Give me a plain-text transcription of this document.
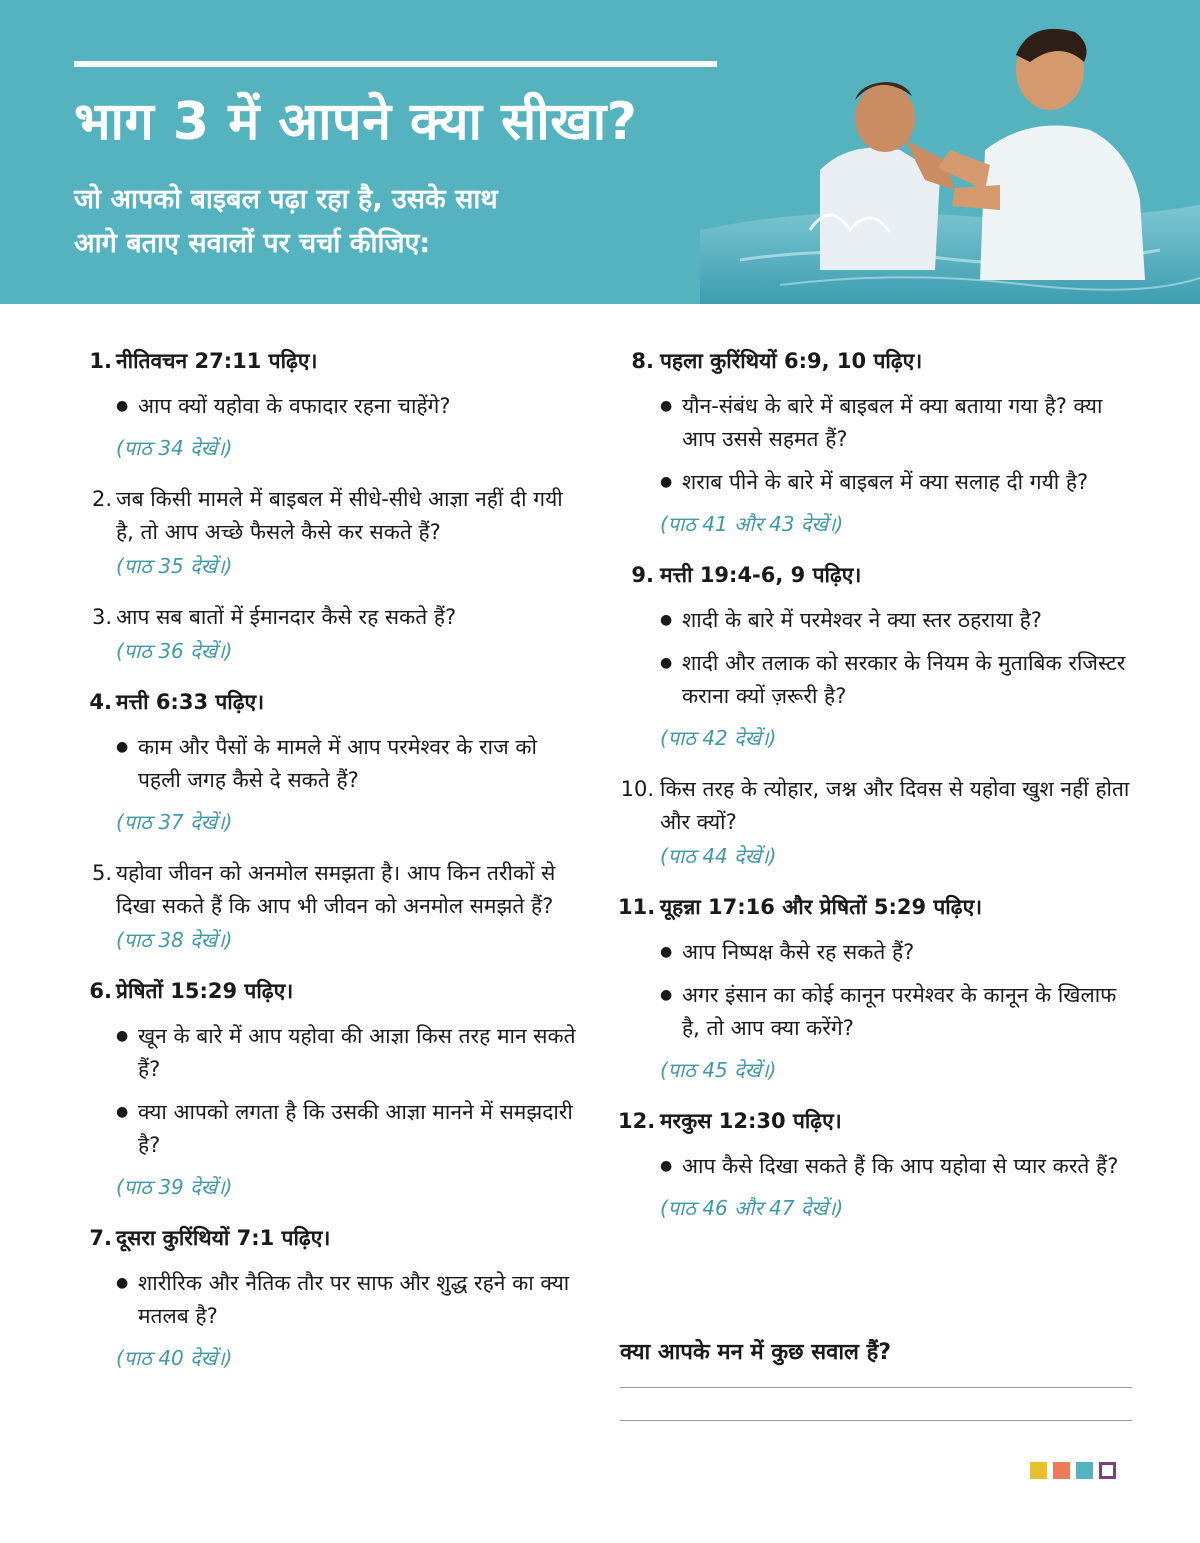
भाग 3 में आपने क्या सीखा?
जो आपको बाइबल पढ़ा रहा है, उसके साथ
आगे बताए सवालों पर चर्चा कीजिए:
1. नीतिवचन 27:11 पढ़िए।
● आप क्यों यहोवा के वफादार रहना चाहेंगे?
(पाठ 34 देखें।)
2. जब किसी मामले में बाइबल में सीधे-सीधे आज्ञा नहीं दी गयी है, तो आप अच्छे फैसले कैसे कर सकते हैं?
(पाठ 35 देखें।)
3. आप सब बातों में ईमानदार कैसे रह सकते हैं?
(पाठ 36 देखें।)
4. मत्ती 6:33 पढ़िए।
● काम और पैसों के मामले में आप परमेश्वर के राज को पहली जगह कैसे दे सकते हैं?
(पाठ 37 देखें।)
5. यहोवा जीवन को अनमोल समझता है। आप किन तरीकों से दिखा सकते हैं कि आप भी जीवन को अनमोल समझते हैं?
(पाठ 38 देखें।)
6. प्रेषितों 15:29 पढ़िए।
● खून के बारे में आप यहोवा की आज्ञा किस तरह मान सकते हैं?
● क्या आपको लगता है कि उसकी आज्ञा मानने में समझदारी है?
(पाठ 39 देखें।)
7. दूसरा कुरिंथियों 7:1 पढ़िए।
● शारीरिक और नैतिक तौर पर साफ और शुद्ध रहने का क्या मतलब है?
(पाठ 40 देखें।)
8. पहला कुरिंथियों 6:9, 10 पढ़िए।
● यौन-संबंध के बारे में बाइबल में क्या बताया गया है? क्या आप उससे सहमत हैं?
● शराब पीने के बारे में बाइबल में क्या सलाह दी गयी है?
(पाठ 41 और 43 देखें।)
9. मत्ती 19:4-6, 9 पढ़िए।
● शादी के बारे में परमेश्वर ने क्या स्तर ठहराया है?
● शादी और तलाक को सरकार के नियम के मुताबिक रजिस्टर कराना क्यों ज़रूरी है?
(पाठ 42 देखें।)
10. किस तरह के त्योहार, जश्न और दिवस से यहोवा खुश नहीं होता और क्यों?
(पाठ 44 देखें।)
11. यूहन्ना 17:16 और प्रेषितों 5:29 पढ़िए।
● आप निष्पक्ष कैसे रह सकते हैं?
● अगर इंसान का कोई कानून परमेश्वर के कानून के खिलाफ है, तो आप क्या करेंगे?
(पाठ 45 देखें।)
12. मरकुस 12:30 पढ़िए।
● आप कैसे दिखा सकते हैं कि आप यहोवा से प्यार करते हैं?
(पाठ 46 और 47 देखें।)
क्या आपके मन में कुछ सवाल हैं?
